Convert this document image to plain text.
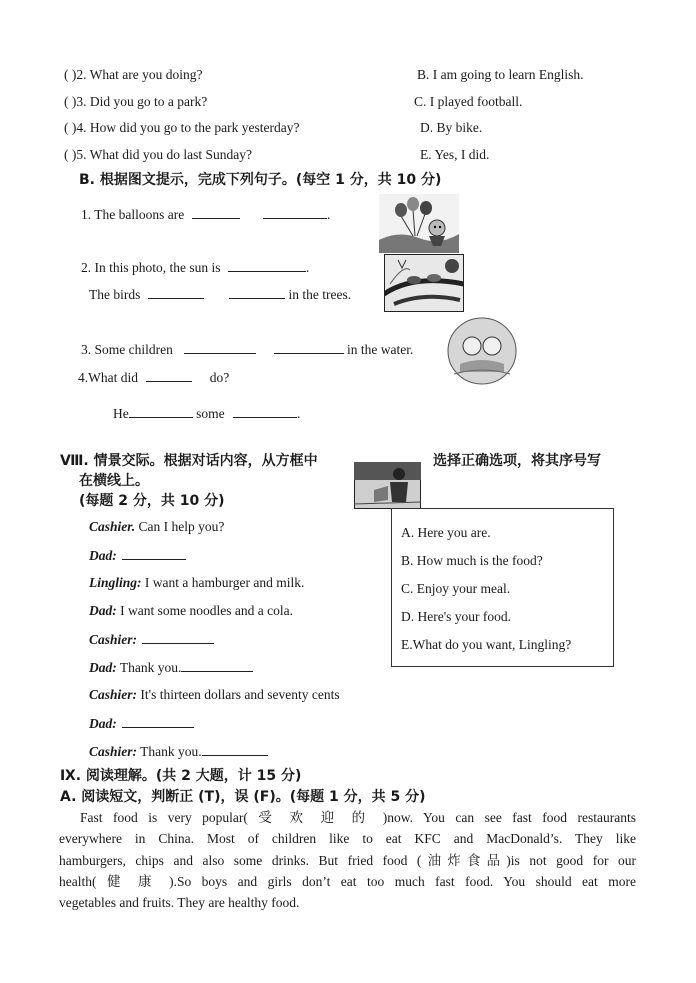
( )2. What are you doing?	B. I am going to learn English.
( )3. Did you go to a park?	C. I played football.
( )4. How did you go to the park yesterday?	D. By bike.
( )5. What did you do last Sunday?	E. Yes, I did.
B. 根据图文提示，完成下列句子。(每空 1 分，共 10 分)
1. The balloons are	.
2. In this photo, the sun is	.
The birds	in the trees.
3. Some children	in the water.
4.What did	do?
He	some	.
Ⅷ. 情景交际。根据对话内容，从方框中	选择正确选项，将其序号写
在横线上。
(每题 2 分，共 10 分)
Cashier. Can I help you?
Dad:
Lingling: I want a hamburger and milk.
Dad: I want some noodles and a cola.
Cashier:
Dad: Thank you.
Cashier: It's thirteen dollars and seventy cents
Dad:
Cashier: Thank you.
A. Here you are.
B. How much is the food?
C. Enjoy your meal.
D. Here's your food.
E.What do you want, Lingling?
Ⅸ. 阅读理解。(共 2 大题，计 15 分)
A. 阅读短文，判断正 (T)，误 (F)。(每题 1 分，共 5 分)
Fast food is very popular( 受 欢 迎 的 )now. You can see fast food restaurants
everywhere in China. Most of children like to eat KFC and MacDonald’s. They like
hamburgers, chips and also some drinks. But fried food (油炸食品)is not good for our
health( 健 康 ).So boys and girls don’t eat too much fast food. You should eat more
vegetables and fruits. They are healthy food.
